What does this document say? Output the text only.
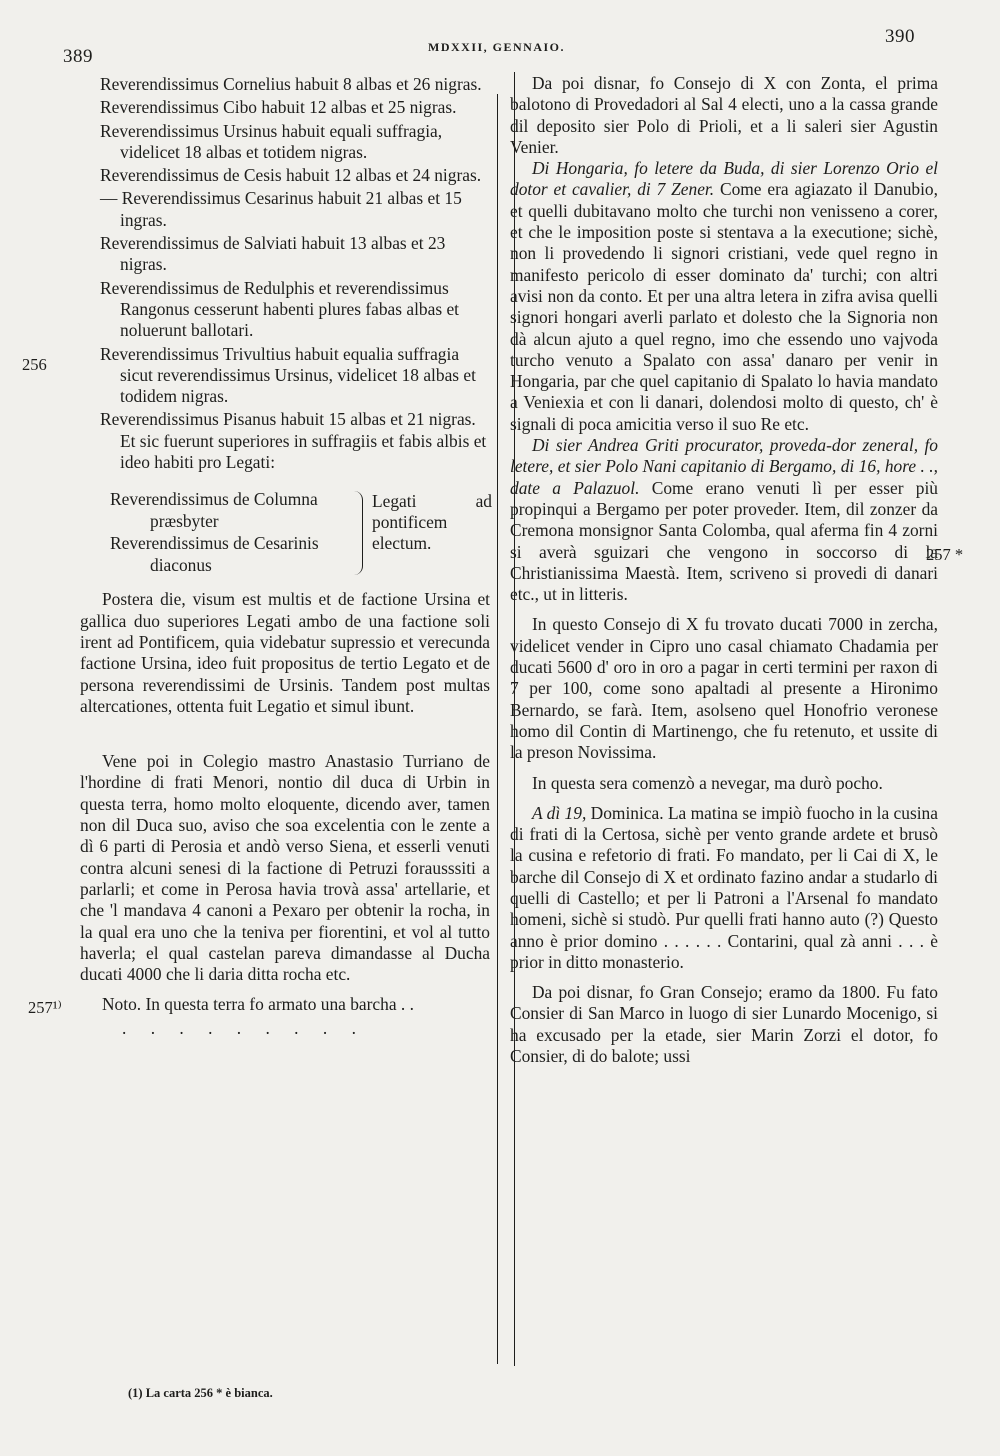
389	MDXXII, GENNAIO.	390
256
257¹⁾
257 *

Reverendissimus Cornelius habuit 8 albas et 26 nigras.

Reverendissimus Cibo habuit 12 albas et 25 nigras.

Reverendissimus Ursinus habuit equali suffragia, videlicet 18 albas et totidem nigras.

Reverendissimus de Cesis habuit 12 albas et 24 nigras.

— Reverendissimus Cesarinus habuit 21 albas et 15 ingras.

Reverendissimus de Salviati habuit 13 albas et 23 nigras.

Reverendissimus de Redulphis et reverendissimus Rangonus cesserunt habenti plures fabas albas et noluerunt ballotari.

Reverendissimus Trivultius habuit equalia suffragia sicut reverendissimus Ursinus, videlicet 18 albas et todidem nigras.

Reverendissimus Pisanus habuit 15 albas et 21 nigras. Et sic fuerunt superiores in suffragiis et fabis albis et ideo habiti pro Legati:

Reverendissimus de Columna
præsbyter
Reverendissimus de Cesarinis
diaconus
Legati ad pontificem electum.

Postera die, visum est multis et de factione Ursina et gallica duo superiores Legati ambo de una factione soli irent ad Pontificem, quia videbatur supressio et verecunda factione Ursina, ideo fuit propositus de tertio Legato et de persona reverendissimi de Ursinis. Tandem post multas altercationes, ottenta fuit Legatio et simul ibunt.

Vene poi in Colegio mastro Anastasio Turriano de l'hordine di frati Menori, nontio dil duca di Urbin in questa terra, homo molto eloquente, dicendo aver, tamen non dil Duca suo, aviso che soa excelentia con le zente a dì 6 parti di Perosia et andò verso Siena, et esserli venuti contra alcuni senesi di la factione di Petruzi forausssiti a parlarli; et come in Perosa havia trovà assa' artellarie, et che 'l mandava 4 canoni a Pexaro per obtenir la rocha, in la qual era uno che la teniva per fiorentini, et vol al tutto haverla; el qual castelan pareva dimandasse al Ducha ducati 4000 che li daria ditta rocha etc.

Noto. In questa terra fo armato una barcha . .

. . . . . . . . .

Da poi disnar, fo Consejo di X con Zonta, el prima balotono di Provedadori al Sal 4 electi, uno a la cassa grande dil deposito sier Polo di Prioli, et a li saleri sier Agustin Venier.

Di Hongaria, fo letere da Buda, di sier Lorenzo Orio el dotor et cavalier, di 7 Zener. Come era agiazato il Danubio, et quelli dubitavano molto che turchi non venisseno a corer, et che le imposition poste si stentava a la executione; sichè, non li provedendo li signori cristiani, vede quel regno in manifesto pericolo di esser dominato da' turchi; con altri avisi non da conto. Et per una altra letera in zifra avisa quelli signori hongari averli parlato et dolesto che la Signoria non dà alcun ajuto a quel regno, imo che essendo uno vajvoda turcho venuto a Spalato con assa' danaro per venir in Hongaria, par che quel capitanio di Spalato lo havia mandato a Veniexia et con li danari, dolendosi molto di questo, ch' è signali di poca amicitia verso il suo Re etc.

Di sier Andrea Griti procurator, proveda-dor zeneral, fo letere, et sier Polo Nani capitanio di Bergamo, di 16, hore . ., date a Palazuol. Come erano venuti lì per esser più propinqui a Bergamo per poter proveder. Item, dil zonzer da Cremona monsignor Santa Colomba, qual aferma fin 4 zorni si averà sguizari che vengono in soccorso di la Christianissima Maestà. Item, scriveno si provedi di danari etc., ut in litteris.

In questo Consejo di X fu trovato ducati 7000 in zercha, videlicet vender in Cipro uno casal chiamato Chadamia per ducati 5600 d' oro in oro a pagar in certi termini per raxon di 7 per 100, come sono apaltadi al presente a Hironimo Bernardo, se farà. Item, asolseno quel Honofrio veronese homo dil Contin di Martinengo, che fu retenuto, et ussite di la preson Novissima.

In questa sera comenzò a nevegar, ma durò pocho.

A dì 19, Dominica. La matina se impiò fuocho in la cusina di frati di la Certosa, sichè per vento grande ardete et brusò la cusina e refetorio di frati. Fo mandato, per li Cai di X, le barche dil Consejo di X et ordinato fazino andar a studarlo di quelli di Castello; et per li Patroni a l'Arsenal fo mandato homeni, sichè si studò. Pur quelli frati hanno auto (?) Questo anno è prior domino . . . . . . Contarini, qual zà anni . . . è prior in ditto monasterio.

Da poi disnar, fo Gran Consejo; eramo da 1800. Fu fato Consier di San Marco in luogo di sier Lunardo Mocenigo, si ha excusado per la etade, sier Marin Zorzi el dotor, fo Consier, di do balote; ussi

(1) La carta 256 * è bianca.
